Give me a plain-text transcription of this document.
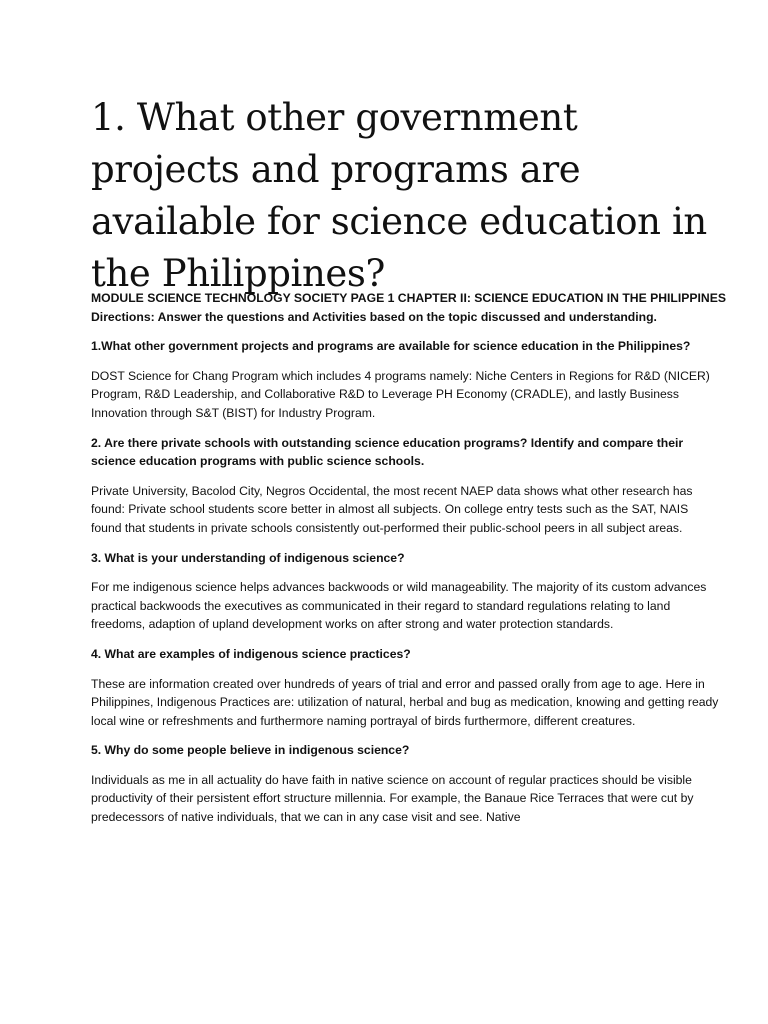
1. What other government projects and programs are available for science education in the Philippines?
MODULE SCIENCE TECHNOLOGY SOCIETY PAGE 1 CHAPTER II: SCIENCE EDUCATION IN THE PHILIPPINES
Directions: Answer the questions and Activities based on the topic discussed and understanding.

1.What other government projects and programs are available for science education in the Philippines?

DOST Science for Chang Program which includes 4 programs namely: Niche Centers in Regions for R&D (NICER) Program, R&D Leadership, and Collaborative R&D to Leverage PH Economy (CRADLE), and lastly Business Innovation through S&T (BIST) for Industry Program.

2. Are there private schools with outstanding science education programs? Identify and compare their science education programs with public science schools.

Private University, Bacolod City, Negros Occidental, the most recent NAEP data shows what other research has found: Private school students score better in almost all subjects. On college entry tests such as the SAT, NAIS found that students in private schools consistently out-performed their public-school peers in all subject areas.

3. What is your understanding of indigenous science?

For me indigenous science helps advances backwoods or wild manageability. The majority of its custom advances practical backwoods the executives as communicated in their regard to standard regulations relating to land freedoms, adaption of upland development works on after strong and water protection standards.

4. What are examples of indigenous science practices?

These are information created over hundreds of years of trial and error and passed orally from age to age. Here in Philippines, Indigenous Practices are: utilization of natural, herbal and bug as medication, knowing and getting ready local wine or refreshments and furthermore naming portrayal of birds furthermore, different creatures.

5. Why do some people believe in indigenous science?

Individuals as me in all actuality do have faith in native science on account of regular practices should be visible productivity of their persistent effort structure millennia. For example, the Banaue Rice Terraces that were cut by predecessors of native individuals, that we can in any case visit and see. Native
